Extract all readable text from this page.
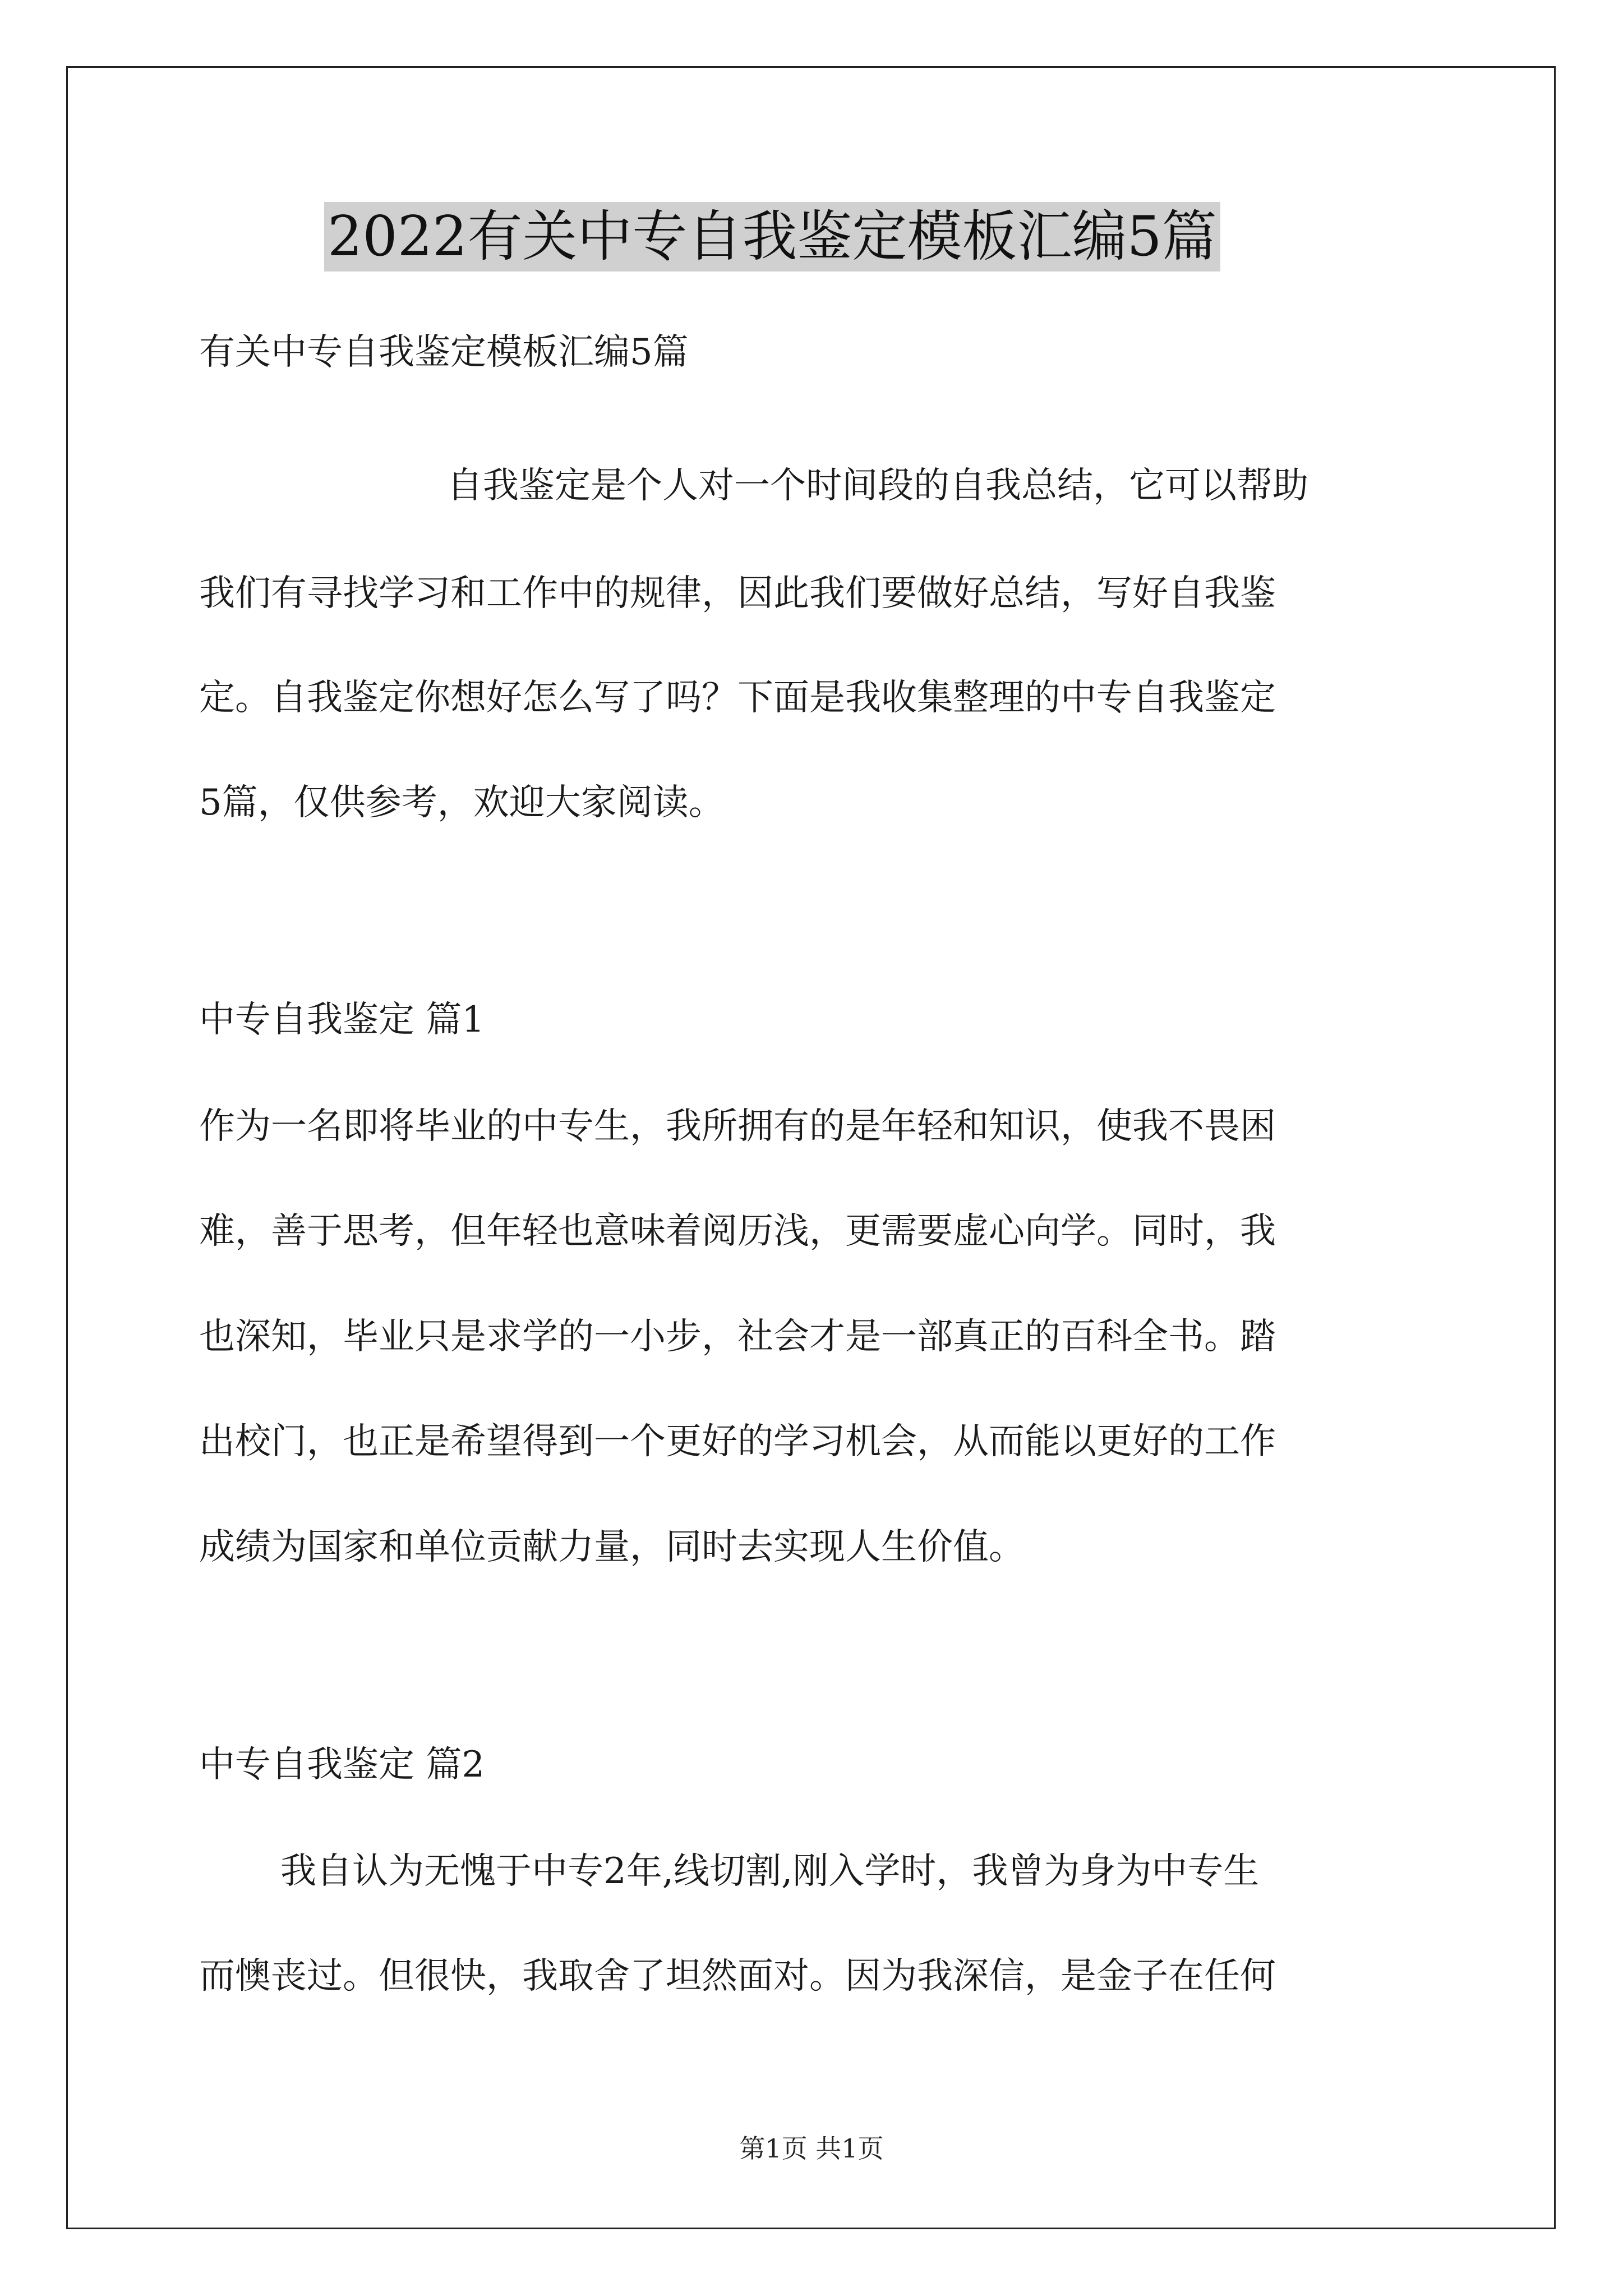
2022有关中专自我鉴定模板汇编5篇
有关中专自我鉴定模板汇编5篇
自我鉴定是个人对一个时间段的自我总结，它可以帮助
我们有寻找学习和工作中的规律，因此我们要做好总结，写好自我鉴
定。自我鉴定你想好怎么写了吗？下面是我收集整理的中专自我鉴定
5篇，仅供参考，欢迎大家阅读。
中专自我鉴定 篇1
作为一名即将毕业的中专生，我所拥有的是年轻和知识，使我不畏困
难，善于思考，但年轻也意味着阅历浅，更需要虚心向学。同时，我
也深知，毕业只是求学的一小步，社会才是一部真正的百科全书。踏
出校门，也正是希望得到一个更好的学习机会，从而能以更好的工作
成绩为国家和单位贡献力量，同时去实现人生价值。
中专自我鉴定 篇2
我自认为无愧于中专2年,线切割,刚入学时，我曾为身为中专生
而懊丧过。但很快，我取舍了坦然面对。因为我深信，是金子在任何
第1页 共1页
